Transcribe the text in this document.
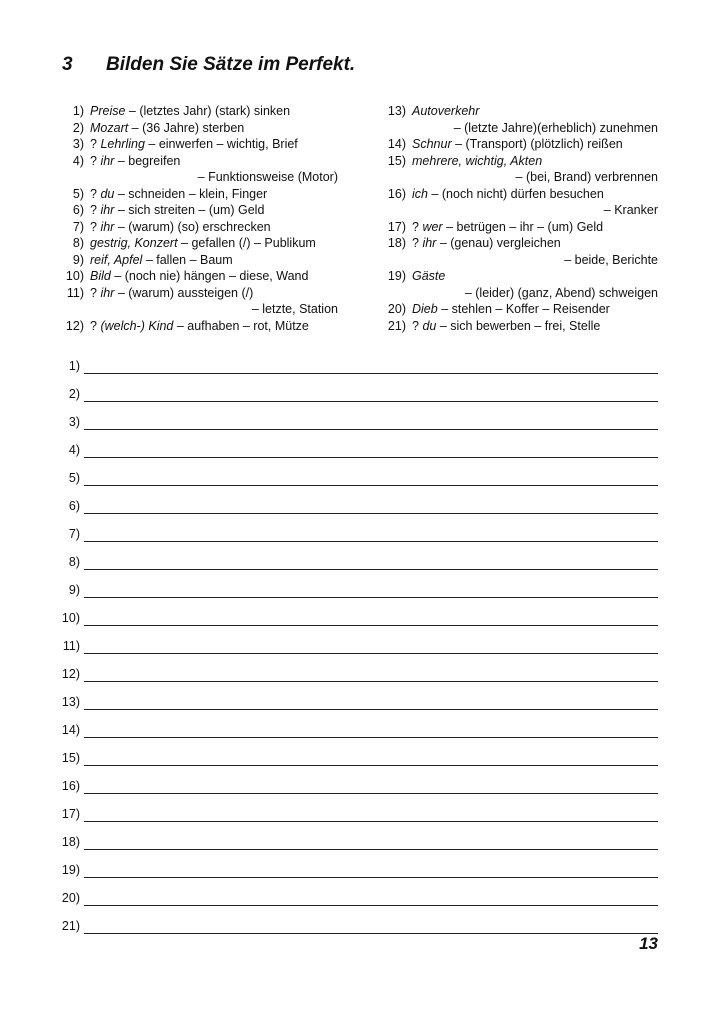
3	Bilden Sie Sätze im Perfekt.
1) Preise – (letztes Jahr) (stark) sinken
2) Mozart – (36 Jahre) sterben
3) ? Lehrling – einwerfen – wichtig, Brief
4) ? ihr – begreifen
– Funktionsweise (Motor)
5) ? du – schneiden – klein, Finger
6) ? ihr – sich streiten – (um) Geld
7) ? ihr – (warum) (so) erschrecken
8) gestrig, Konzert – gefallen (/) – Publikum
9) reif, Apfel – fallen – Baum
10) Bild – (noch nie) hängen – diese, Wand
11) ? ihr – (warum) aussteigen (/)
– letzte, Station
12) ? (welch-) Kind – aufhaben – rot, Mütze
13) Autoverkehr
– (letzte Jahre)(erheblich) zunehmen
14) Schnur – (Transport) (plötzlich) reißen
15) mehrere, wichtig, Akten
– (bei, Brand) verbrennen
16) ich – (noch nicht) dürfen besuchen
– Kranker
17) ? wer – betrügen – ihr – (um) Geld
18) ? ihr – (genau) vergleichen
– beide, Berichte
19) Gäste
– (leider) (ganz, Abend) schweigen
20) Dieb – stehlen – Koffer – Reisender
21) ? du – sich bewerben – frei, Stelle
1)
2)
3)
4)
5)
6)
7)
8)
9)
10)
11)
12)
13)
14)
15)
16)
17)
18)
19)
20)
21)
13
